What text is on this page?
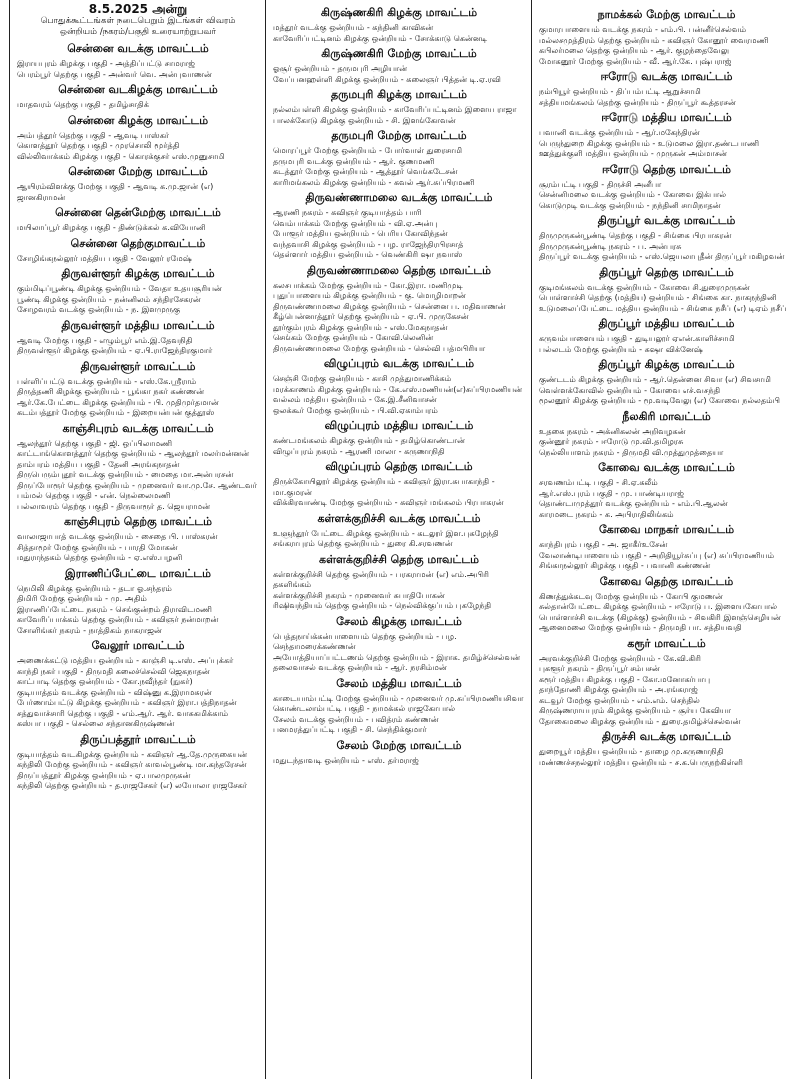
8.5.2025 அன்று
பொதுக்கூட்டங்கள் நடைபெறும் இடங்கள் விவரம்
ஒன்றியம் /நகரம்/பகுதி உரையாற்றுபவர்
சென்னை வடக்கு மாவட்டம்
இராயபுரம் கிழக்கு பகுதி - அத்திப்பட்டு சாமராஜ்
பெரம்பூர் தெற்கு பகுதி - அன்வர் வெ. அன்புவாணன்
சென்னை வடகிழக்கு மாவட்டம்
மாதவரம் தெற்கு பகுதி - தமிழ்சாதிக்
சென்னை கிழக்கு மாவட்டம்
அம்பத்தூர் தெற்கு பகுதி - ஆவடி பாஸ்கர்
கொளத்தூர் தெற்கு பகுதி - முரசொலி மூர்த்தி
வில்லிவாக்கம் கிழக்கு பகுதி - கொரக்குசர் எஸ்.முனுசாமி
சென்னை மேற்கு மாவட்டம்
ஆயிரம்விளக்கு மேற்கு பகுதி - ஆவடி க.மு.ஜான் (எ) ஜானகிராமன்
சென்னை தென்மேற்கு மாவட்டம்
மயிலாப்பூர் கிழக்கு பகுதி - திண்டுக்கல் க.வியோனி
சென்னை தெற்குமாவட்டம்
சோழிங்கநல்லூர் மத்திய பகுதி - வேலூர் ரமேஷ்
திருவள்ளூர் கிழக்கு மாவட்டம்
கும்மிடிப்பூண்டி கிழக்கு ஒன்றியம் - வேதா உதயசூரியன்
பூண்டி கிழக்கு ஒன்றியம் - நன்னிலம் சந்திரசேகரன்
சோழவரம் வடக்கு ஒன்றியம் - ந. இளமுருகு
திருவள்ளூர் மத்திய மாவட்டம்
ஆவடி மேற்கு பகுதி - எழும்பூர் எம்.இ.தேவநிதி
திருவள்ளூர் கிழக்கு ஒன்றியம் - ஏ.பி.ராஜேந்திரகுமார்
திருவள்ளூர் மாவட்டம்
பள்ளிப்பட்டு வடக்கு ஒன்றியம் - எஸ்.கே.ஸ்ரீராம்
திருத்தணி கிழக்கு ஒன்றியம் - பூங்கா நகர் கண்ணன்
ஆர்.கே.பேட்டை கிழக்கு ஒன்றியம் - பி. முதிமுர்தமான்
கடம்பத்தூர் மேற்கு ஒன்றியம் - இறையன்பன் குத்தூஸ்
காஞ்சிபுரம் வடக்கு மாவட்டம்
ஆலந்தூர் தெற்கு பகுதி - ஜி. ஒப்பிலாமணி
காட்டாங்கொளத்தூர் தெற்கு ஒன்றியம் - ஆலந்தூர் மலர்மன்னன்
தாம்பரம் மத்திய பகுதி - தேனி அரங்கநாதன்
திருபெரும்புதூர் வடக்கு ஒன்றியம் - மைதை மா.அன்பரசன்
திருப்போரூர் தெற்கு ஒன்றியம் - முனைவர் வா.மு.சே. ஆண்டவர்
பம்மல் தெற்கு பகுதி - என். நெல்லைமணி
பல்லாவரம் தெற்கு பகுதி - திருவாரூர் த. ஜெயராமன்
காஞ்சிபுரம் தெற்கு மாவட்டம்
வாலாஜாபாத் வடக்கு ஒன்றியம் - சைதை பி. பாஸ்கரன்
சித்தாமூர் மேற்கு ஒன்றியம் - பாரதி மோகன்
மதுராந்தகம் தெற்கு ஒன்றியம் - ஏ.எஸ்.பழனி
இராணிப்பேட்டை மாவட்டம்
நெமிலி கிழக்கு ஒன்றியம் - தடா ஓ.சந்தரம்
திமிரி மேற்கு ஒன்றியம் - மு. அதிம்
இராணிப்பேட்டை நகரம் - செங்குன்றம் திராவிடமணி
காவேரிப்பாக்கம் தெற்கு ஒன்றியம் - கவிஞர் நன்மாறன்
சோளிங்கர் நகரம் - நாத்திகம் நாகராஜன்
வேலூர் மாவட்டம்
அணைக்கட்டு மத்திய ஒன்றியம் - காஞ்சி டி.எஸ். அப்புக்கர்
காந்தி நகர் பகுதி - திருமதி கலைச்செல்வி ஜெகநாதன்
காட்பாடி தெற்கு ஒன்றியம் - கோ.நவீந்தர் (நுகர்)
குடியாத்தம் வடக்கு ஒன்றியம் - விஷ்னு க.இராமசுரன்
பேர்ணாம்பட்டு கிழக்கு ஒன்றியம் - கவிஞர் இரா.பத்திநாதன்
சத்துவாச்சாரி தெற்கு பகுதி - எம்.ஆர். ஆர். வாசுகமிக்காம்
கஸ்பா பகுதி - செல்லை சந்தானகிருஷ்ணன்
திருப்பத்தூர் மாவட்டம்
குடியாத்தம் வடகிழக்கு ஒன்றியம் - கவிஞர் ஆ.தே.முருகையன்
கந்திலி மேற்கு ஒன்றியம் - கவிஞர் காவல்பூண்டி மா.கந்தரேசன்
திருப்பத்தூர் கிழக்கு ஒன்றியம் - ஏ.பாலமுருகன்
கந்திலி தெற்கு ஒன்றியம் - த.ராஜசேகர் (எ) லயோலா ராஜசேகர்
கிருஷ்ணகிரி கிழக்கு மாவட்டம்
மத்தூர் வடக்கு ஒன்றியம் - கந்தினி காவிகன்
காவேரிப்பட்டினம் கிழக்கு ஒன்றியம் - சோக்காடு கென்னடி
கிருஷ்ணகிரி மேற்கு மாவட்டம்
ஓசூர் ஒன்றியம் - தருமபுரி அழியான்
வேப்பனஹள்ளி கிழக்கு ஒன்றியம் - கலைஞர் பித்தன் டி.ஏ.ரவி
தருமபுரி கிழக்கு மாவட்டம்
நல்லம்பள்ளி கிழக்கு ஒன்றியம் - காவேரிப்பட்டினம் இளைய ராஜா
பாலக்கோடு கிழக்கு ஒன்றியம் - சி. இளங்கோவன்
தருமபுரி மேற்கு மாவட்டம்
மொரப்பூர் மேற்கு ஒன்றியம் - போர்வாள் துரைசாமி
தருமபுரி வடக்கு ஒன்றியம் - ஆர். குணமணி
கடத்தூர் மேற்கு ஒன்றியம் - ஆத்தூர் வெங்கடேசன்
காரிமங்கலம் கிழக்கு ஒன்றியம் - கவல் ஆர்.சுப்பிரமணி
திருவண்ணாமலை வடக்கு மாவட்டம்
ஆரணி நகரம் - கவிஞர் குடியாத்தம் பாரி
வெம்பாக்கம் மேற்கு ஒன்றியம் - வி.ஏ.அன்பு
போளூர் மத்திய ஒன்றியம் - பெரிய கோவிந்தன்
வந்தவாசி கிழக்கு ஒன்றியம் - பழ. ராஜேந்திரபிரசாத்
தெள்ளார் மத்திய ஒன்றியம் - வெண்கிரி ஷா நவாஸ்
திருவண்ணாமலை தெற்கு மாவட்டம்
கலசபாக்கம் மேற்கு ஒன்றியம் - கோ.இரா. மணிமுடி
புதுப்பாளையம் கிழக்கு ஒன்றியம் - கு. மொழிமாறன்
திருவண்ணாமலை கிழக்கு ஒன்றியம் - சென்னை ப. மதிவாணன்
கீழ்பென்னாத்தூர் தெற்கு ஒன்றியம் - ஏ.பி. முருகேசன்
தூர்கும்புரம் கிழக்கு ஒன்றியம் - எஸ்.மேகநாதன்
செங்கம் மேற்கு ஒன்றியம் - கோவி.லெனின்
திருவண்ணாமலை மேற்கு ஒன்றியம் - செல்வி பத்மபிரியா
விழுப்புரம் வடக்கு மாவட்டம்
செஞ்சி மேற்கு ஒன்றியம் - காசி முத்துமாணிக்கம்
மரக்காணம் கிழக்கு ஒன்றியம் - கே.எஸ்.மணியன்(எ)சுப்பிரமணியன்
வல்லம் மத்திய ஒன்றியம் - கே.இ.சீனிவாசன்
ஒலக்கூர் மேற்கு ஒன்றியம் - பி.வி.ஏகாம்பரம்
விழுப்புரம் மத்திய மாவட்டம்
கண்டமங்கலம் கிழக்கு ஒன்றியம் - தமிழ்கொண்டான்
விழுப்புரம் நகரம் - ஆரணி மாலா - கருணாநிதி
விழுப்புரம் தெற்கு மாவட்டம்
திருக்கோயிலூர் கிழக்கு ஒன்றியம் - கவிஞர் இரா.சுபாகாந்தி - மா.குமரன்
விக்கிரவாண்டி மேற்கு ஒன்றியம் - கவிஞர் மங்கலம் பிரபாகரன்
கள்ளக்குறிச்சி வடக்கு மாவட்டம்
உளுந்தூர் பேட்டை கிழக்கு ஒன்றியம் - கடலூர் இள.புகழேந்தி
சங்கராபுரம் தெற்கு ஒன்றியம் - துரை கி.சரவணன்
கள்ளக்குறிச்சி தெற்கு மாவட்டம்
கள்ளக்குறிச்சி தெற்கு ஒன்றியம் - பரகராமன் (எ) எம்.அபிரி தகளிங்கம்
கள்ளக்குறிச்சி நகரம் - முனைவர் சுபாதிபோகன்
ரிஷிவந்தியம் தெற்கு ஒன்றியம் - நெல்விக்குப்பம் புகழேந்தி
சேலம் கிழக்கு மாவட்டம்
பெத்தநாய்க்கன்பாளையம் தெற்கு ஒன்றியம் - பழ. செந்தாமரைக்கண்ணன்
அயோத்தியாப்பட்டணம் தெற்கு ஒன்றியம் - இராக. தமிழ்ச்செல்வன்
தலைவாசல் வடக்கு ஒன்றியம் - ஆர். நரசிம்மன்
சேலம் மத்திய மாவட்டம்
காடையாம்பட்டி மேற்கு ஒன்றியம் - முனைவர் மு.சுப்பிரமணியசிவா
கொண்டலாம்பட்டி பகுதி - நாமக்கல் ராஜகோபால்
சேலம் வடக்கு ஒன்றியம் - பவித்ரம் கண்ணன்
பனமரத்துப்பட்டி பகுதி - சி. செந்திக்குமார்
சேலம் மேற்கு மாவட்டம்
மதுடந்தாவடி ஒன்றியம் - எஸ். தர்மராஜ்
நாமக்கல் மேற்கு மாவட்டம்
குமாரபாளையம் வடக்கு நகரம் - எம்.பி. பன்னீர்செல்வம்
மல்லசமுத்திரம் தெற்கு ஒன்றியம் - கவிஞர் கோனூர் வைரமணி
கபிலர்மலை தெற்கு ஒன்றியம் - ஆர். குழந்தைவேலு
மோகனூர் மேற்கு ஒன்றியம் - வீ. ஆர்.கே. புஷ்பராஜ்
ஈரோடு வடக்கு மாவட்டம்
நம்பியூர் ஒன்றியம் - திப்பம்பட்டி ஆறுச்சாமி
சத்தியமங்கலம் தெற்கு ஒன்றியம் - திருப்பூர் கூத்தரசன்
ஈரோடு மத்திய மாவட்டம்
பவானி வடக்கு ஒன்றியம் - ஆர்.மகேந்திரன்
பெருந்துறை கிழக்கு ஒன்றியம் - உடுமலை இரா.தண்டபாணி
ஊத்துக்குளி மத்திய ஒன்றியம் - முருகன் அம்மாசன்
ஈரோடு தெற்கு மாவட்டம்
சூரம்பட்டி பகுதி - திருச்சி அனீபா
சென்னிமலை வடக்கு ஒன்றியம் - கோவை இக்பால்
கொடுமுடி வடக்கு ஒன்றியம் - நந்தினி சாமிநாதன்
திருப்பூர் வடக்கு மாவட்டம்
திருமுருகன்பூண்டி தெற்கு பகுதி - சிங்கை பிரபாகரன்
திருமுருகன்பூண்டி நகரம் - ப. அன்பரசு
திருப்பூர் வடக்கு ஒன்றியம் - எஸ்.ஜெயலாபுதீன் திருப்பூர் மகிழவன்
திருப்பூர் தெற்கு மாவட்டம்
குடிமங்கலம் வடக்கு ஒன்றியம் - கோவை சி.துரைமுருகன்
பொள்ளாச்சி தெற்கு (மத்திய) ஒன்றியம் - சிங்கை கா. நாகநந்தினி
உடுமலைப்பேட்டை மத்திய ஒன்றியம் - சிங்கை நசீப் (எ) டிஏம் நசீப்
திருப்பூர் மத்திய மாவட்டம்
கருவம்பாளையம் பகுதி - துடியலூர் ஏஎன்.காளிச்சாமி
பல்லடம் மேற்கு ஒன்றியம் - சுஷா விக்னேஷ்
திருப்பூர் கிழக்கு மாவட்டம்
குண்டடம் கிழக்கு ஒன்றியம் - ஆர்.தென்னை சிவா (எ) சிவசாமி
வெள்ளக்கோவில் ஒன்றியம் - கோவை எச்.வசந்தி
மூலனூர் கிழக்கு ஒன்றியம் - மூ.வடிவேலு (எ) கோவை நல்லதம்பி
நீலகிரி மாவட்டம்
உதகை நகரம் - அக்னிகலன் அறிவழகன்
குன்னூர் நகரம் - ஈரோடு மு.வி.தமிழரசு
நெல்லியாளம் நகரம் - திருமதி வி.முத்துமுத்தையா
கோவை வடக்கு மாவட்டம்
சரவணம்பட்டி பகுதி - சி.ஏ.கலீம்
ஆர்.எஸ்.புரம் பகுதி - மு. பாண்டியராஜ்
தொண்டாமுத்தூர் வடக்கு ஒன்றியம் - எம்.பி.ஆலன்
காரமடை நகரம் - க. அபிராதிலிங்கம்
கோவை மாநகர் மாவட்டம்
காந்திபுரம் பகுதி - அ. ஜாகீர்உசேன்
வேலாண்டிபாளையம் பகுதி - அறிதியூர்சுப்பு (எ) சுப்பிரமணியம்
சிங்காநல்லூர் கிழக்கு பகுதி - பவானி கண்ணன்
கோவை தெற்கு மாவட்டம்
கிணத்துக்கடவு மேற்கு ஒன்றியம் - கோபி குமணன்
சுல்தான்பேட்டை கிழக்கு ஒன்றியம் - ஈரோடு ப. இளையகோபால்
பொள்ளாச்சி வடக்கு (கிழக்கு) ஒன்றியம் - சிவகிரி இளஞ்செழியன்
ஆனைமலை மேற்கு ஒன்றியம் - திருமதி பா. சத்தியவதி
கரூர் மாவட்டம்
அரவக்குறிச்சி மேற்கு ஒன்றியம் - கே.வி.கிரி
புகளூர் நகரம் - திருப்பூர் சம்பசன்
கரூர் மத்திய கிழக்கு பகுதி - கோ.மனோகர்பாபு
தாந்தோணி கிழக்கு ஒன்றியம் - அ.ரங்கராஜ்
கடவூர் மேற்கு ஒன்றியம் - எம்.எம். செந்தில்
கிருஷ்ணராயபுரம் கிழக்கு ஒன்றியம் - சூர்ய கேவியா
தோகைமலை கிழக்கு ஒன்றியம் - துரை.தமிழ்ச்செல்வன்
திருச்சி வடக்கு மாவட்டம்
துறையூர் மத்திய ஒன்றியம் - தாழை மு.கருணாநிதி
மண்ணச்சநல்லூர் மத்திய ஒன்றியம் - ச.க.பெருநற்கிள்ளி
